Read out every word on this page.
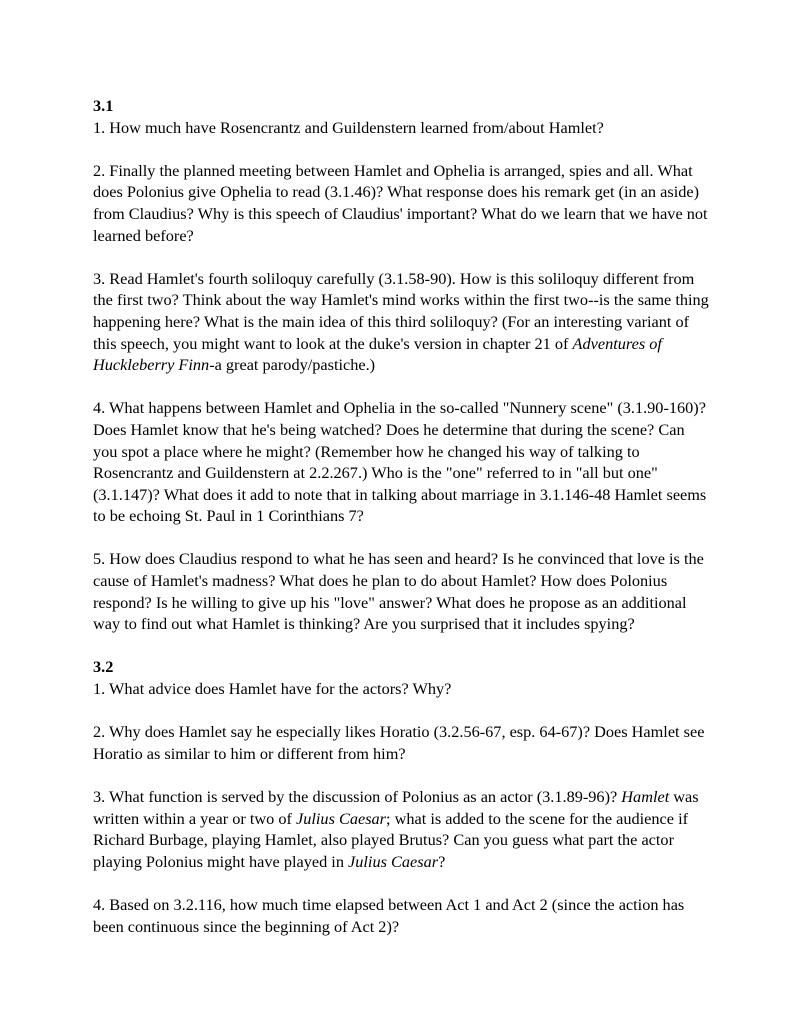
3.1

1. How much have Rosencrantz and Guildenstern learned from/about Hamlet?

2. Finally the planned meeting between Hamlet and Ophelia is arranged, spies and all. What does Polonius give Ophelia to read (3.1.46)? What response does his remark get (in an aside) from Claudius? Why is this speech of Claudius' important? What do we learn that we have not learned before?

3. Read Hamlet's fourth soliloquy carefully (3.1.58-90). How is this soliloquy different from the first two? Think about the way Hamlet's mind works within the first two--is the same thing happening here? What is the main idea of this third soliloquy? (For an interesting variant of this speech, you might want to look at the duke's version in chapter 21 of Adventures of Huckleberry Finn-a great parody/pastiche.)

4. What happens between Hamlet and Ophelia in the so-called "Nunnery scene" (3.1.90-160)? Does Hamlet know that he's being watched? Does he determine that during the scene? Can you spot a place where he might? (Remember how he changed his way of talking to Rosencrantz and Guildenstern at 2.2.267.) Who is the "one" referred to in "all but one" (3.1.147)? What does it add to note that in talking about marriage in 3.1.146-48 Hamlet seems to be echoing St. Paul in 1 Corinthians 7?

5. How does Claudius respond to what he has seen and heard? Is he convinced that love is the cause of Hamlet's madness? What does he plan to do about Hamlet? How does Polonius respond? Is he willing to give up his "love" answer? What does he propose as an additional way to find out what Hamlet is thinking? Are you surprised that it includes spying?

3.2

1. What advice does Hamlet have for the actors? Why?

2. Why does Hamlet say he especially likes Horatio (3.2.56-67, esp. 64-67)? Does Hamlet see Horatio as similar to him or different from him?

3. What function is served by the discussion of Polonius as an actor (3.1.89-96)? Hamlet was written within a year or two of Julius Caesar; what is added to the scene for the audience if Richard Burbage, playing Hamlet, also played Brutus? Can you guess what part the actor playing Polonius might have played in Julius Caesar?

4. Based on 3.2.116, how much time elapsed between Act 1 and Act 2 (since the action has been continuous since the beginning of Act 2)?
